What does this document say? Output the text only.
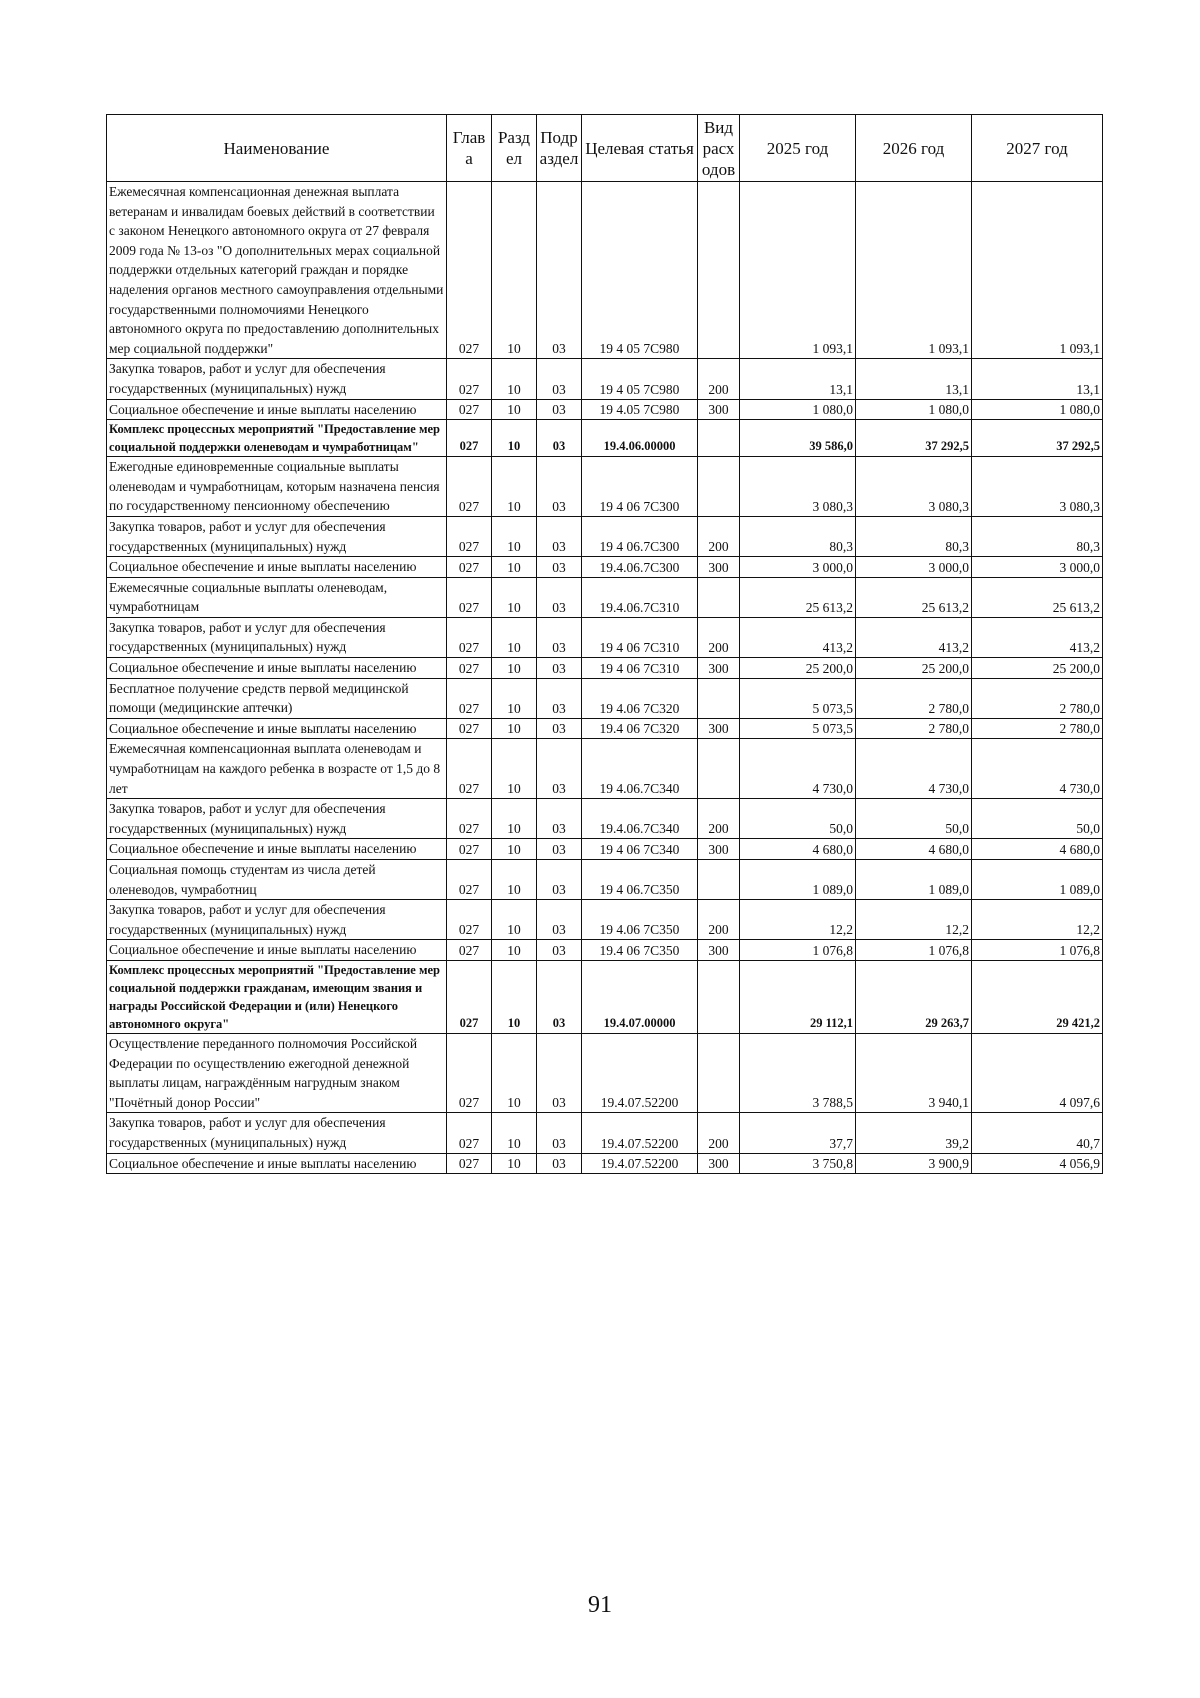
Наименование	Глав а	Разд ел	Подр аздел	Целевая статья	Вид расх одов	2025 год	2026 год	2027 год
Ежемесячная компенсационная денежная выплата ветеранам и инвалидам боевых действий в соответствии с законом Ненецкого автономного округа от 27 февраля 2009 года № 13-оз "О дополнительных мерах социальной поддержки отдельных категорий граждан и порядке наделения органов местного самоуправления отдельными государственными полномочиями Ненецкого автономного округа по предоставлению дополнительных мер социальной поддержки"	027	10	03	19 4 05 7С980		1 093,1	1 093,1	1 093,1
Закупка товаров, работ и услуг для обеспечения государственных (муниципальных) нужд	027	10	03	19 4 05 7С980	200	13,1	13,1	13,1
Социальное обеспечение и иные выплаты населению	027	10	03	19 4.05 7С980	300	1 080,0	1 080,0	1 080,0
Комплекс процессных мероприятий "Предоставление мер социальной поддержки оленеводам и чумработницам"	027	10	03	19.4.06.00000		39 586,0	37 292,5	37 292,5
Ежегодные единовременные социальные выплаты оленеводам и чумработницам, которым назначена пенсия по государственному пенсионному обеспечению	027	10	03	19 4 06 7С300		3 080,3	3 080,3	3 080,3
Закупка товаров, работ и услуг для обеспечения государственных (муниципальных) нужд	027	10	03	19 4 06.7С300	200	80,3	80,3	80,3
Социальное обеспечение и иные выплаты населению	027	10	03	19.4.06.7С300	300	3 000,0	3 000,0	3 000,0
Ежемесячные социальные выплаты оленеводам, чумработницам	027	10	03	19.4.06.7С310		25 613,2	25 613,2	25 613,2
Закупка товаров, работ и услуг для обеспечения государственных (муниципальных) нужд	027	10	03	19 4 06 7С310	200	413,2	413,2	413,2
Социальное обеспечение и иные выплаты населению	027	10	03	19 4 06 7С310	300	25 200,0	25 200,0	25 200,0
Бесплатное получение средств первой медицинской помощи (медицинские аптечки)	027	10	03	19 4.06 7С320		5 073,5	2 780,0	2 780,0
Социальное обеспечение и иные выплаты населению	027	10	03	19.4 06 7С320	300	5 073,5	2 780,0	2 780,0
Ежемесячная компенсационная выплата оленеводам и чумработницам на каждого ребенка в возрасте от 1,5 до 8 лет	027	10	03	19 4.06.7С340		4 730,0	4 730,0	4 730,0
Закупка товаров, работ и услуг для обеспечения государственных (муниципальных) нужд	027	10	03	19.4.06.7С340	200	50,0	50,0	50,0
Социальное обеспечение и иные выплаты населению	027	10	03	19 4 06 7С340	300	4 680,0	4 680,0	4 680,0
Социальная помощь студентам из числа детей оленеводов, чумработниц	027	10	03	19 4 06.7С350		1 089,0	1 089,0	1 089,0
Закупка товаров, работ и услуг для обеспечения государственных (муниципальных) нужд	027	10	03	19 4.06 7С350	200	12,2	12,2	12,2
Социальное обеспечение и иные выплаты населению	027	10	03	19.4 06 7С350	300	1 076,8	1 076,8	1 076,8
Комплекс процессных мероприятий "Предоставление мер социальной поддержки гражданам, имеющим звания и награды Российской Федерации и (или) Ненецкого автономного округа"	027	10	03	19.4.07.00000		29 112,1	29 263,7	29 421,2
Осуществление переданного полномочия Российской Федерации по осуществлению ежегодной денежной выплаты лицам, награждённым нагрудным знаком "Почётный донор России"	027	10	03	19.4.07.52200		3 788,5	3 940,1	4 097,6
Закупка товаров, работ и услуг для обеспечения государственных (муниципальных) нужд	027	10	03	19.4.07.52200	200	37,7	39,2	40,7
Социальное обеспечение и иные выплаты населению	027	10	03	19.4.07.52200	300	3 750,8	3 900,9	4 056,9
91
